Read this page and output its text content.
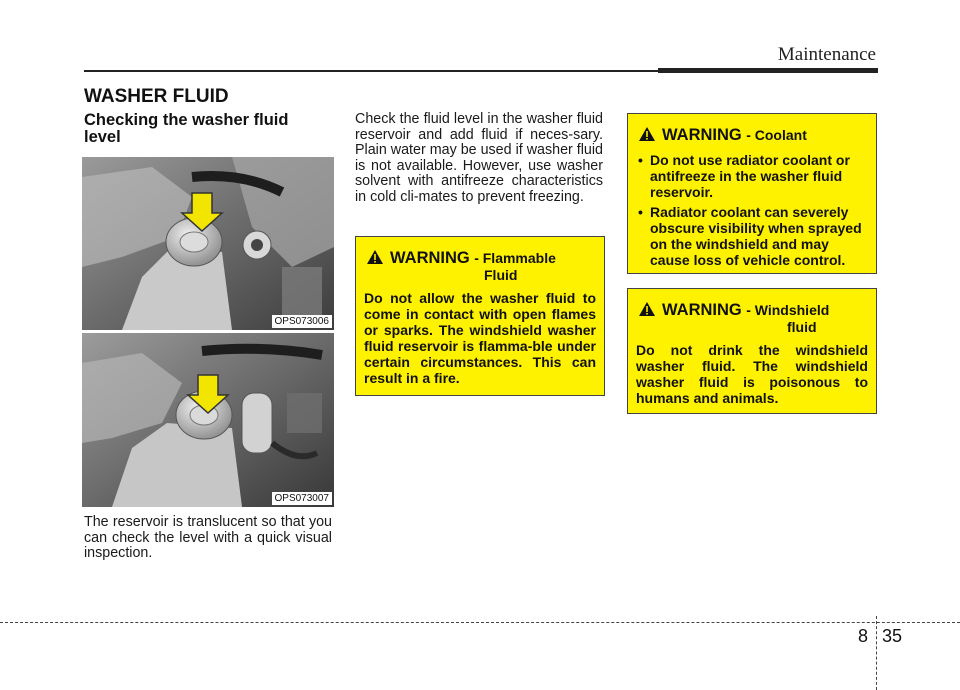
Maintenance
WASHER FLUID
Checking the washer fluid level
OPS073006
OPS073007

The reservoir is translucent so that you can check the level with a quick visual inspection.

Check the fluid level in the washer fluid reservoir and add fluid if neces-sary. Plain water may be used if washer fluid is not available. However, use washer solvent with antifreeze characteristics in cold cli-mates to prevent freezing.

WARNING - Flammable
Fluid

Do not allow the washer fluid to come in contact with open flames or sparks. The windshield washer fluid reservoir is flamma-ble under certain circumstances. This can result in a fire.

WARNING - Coolant
• Do not use radiator coolant or antifreeze in the washer fluid reservoir.
• Radiator coolant can severely obscure visibility when sprayed on the windshield and may cause loss of vehicle control.
WARNING - Windshield
fluid

Do not drink the windshield washer fluid. The windshield washer fluid is poisonous to humans and animals.

8 35
